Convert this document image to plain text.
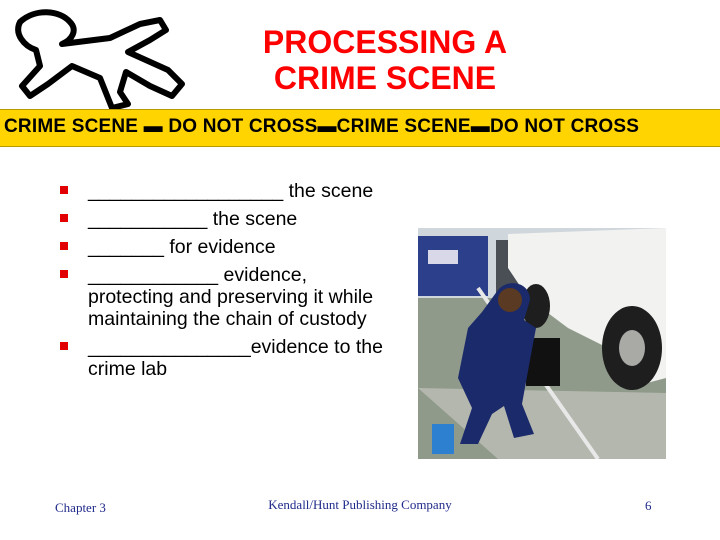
PROCESSING A
CRIME SCENE
CRIME SCENE ▬ DO NOT CROSS▬CRIME SCENE▬DO NOT CROSS
__________________ the scene
___________ the scene
_______ for evidence
____________ evidence, protecting and preserving it while maintaining the chain of custody
_______________evidence to the crime lab
Chapter 3	Kendall/Hunt Publishing Company	6
